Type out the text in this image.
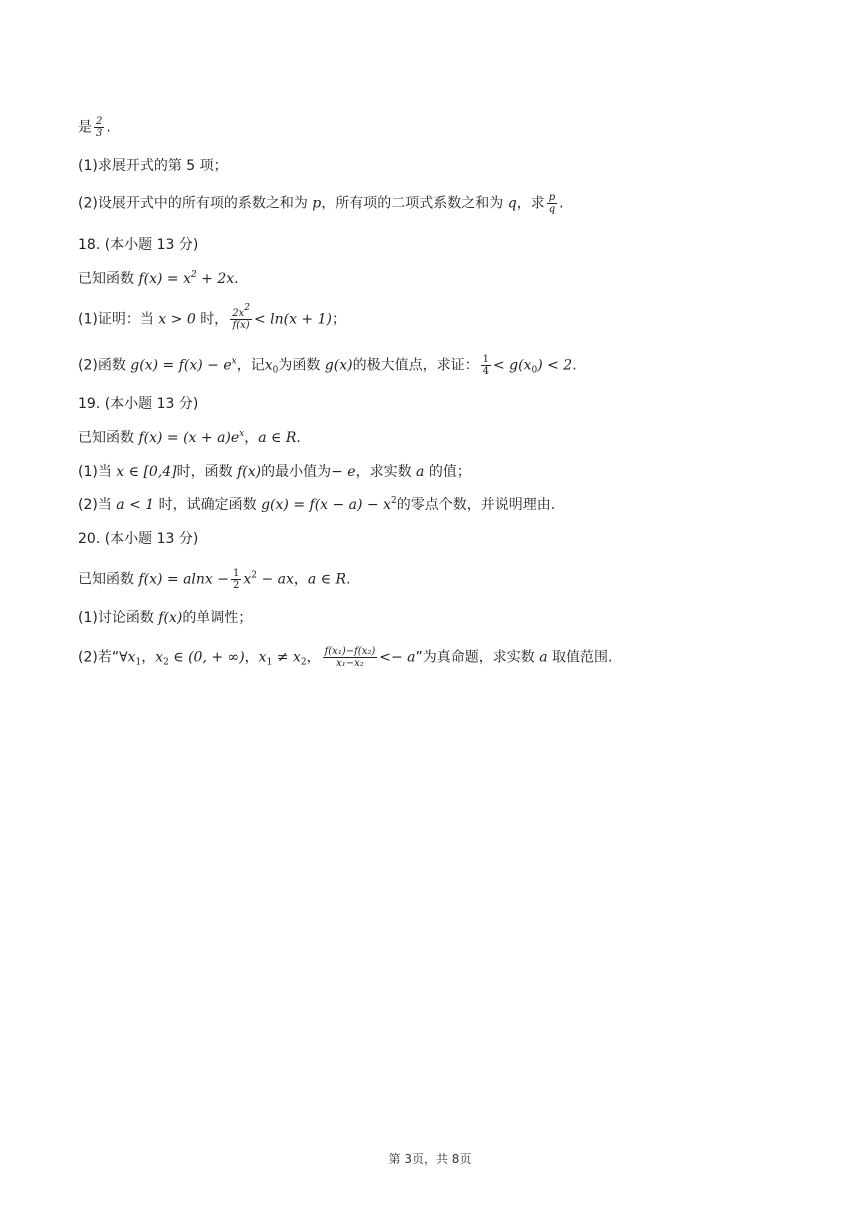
是 $\frac{2}{3}$ .
(1)求展开式的第 5 项；
(2)设展开式中的所有项的系数之和为 p，所有项的二项式系数之和为 q，求 $\frac{p}{q}$ .
18. (本小题 13 分)
已知函数 $f(x) = x^2 + 2x$.
(1)证明：当 x > 0 时， $\frac{2x^2}{f(x)} < \ln(x + 1)$；
(2)函数 $g(x) = f(x) - e^x$，记$x_0$为函数 g(x)的极大值点，求证： $\frac{1}{4} < g(x_0) < 2$.
19. (本小题 13 分)
已知函数 $f(x) = (x + a)e^x$，a ∈ R.
(1)当 x ∈ [0,4]时，函数 f(x)的最小值为− e，求实数 a 的值；
(2)当 a < 1 时，试确定函数 $g(x) = f(x - a) - x^2$的零点个数，并说明理由.
20. (本小题 13 分)
已知函数 $f(x) = alnx - \frac{1}{2} x^2$ − ax，a ∈ R.
(1)讨论函数 f(x)的单调性；
(2)若“$\forall x_1$，$x_2$ ∈ (0, + ∞)，$x_1 \ne x_2$， $\frac{\text{f(x₁)−f(x₂)}}{\text{x₁−x₂}} <- a$”为真命题，求实数 a 取值范围.
第 3页，共 8页
